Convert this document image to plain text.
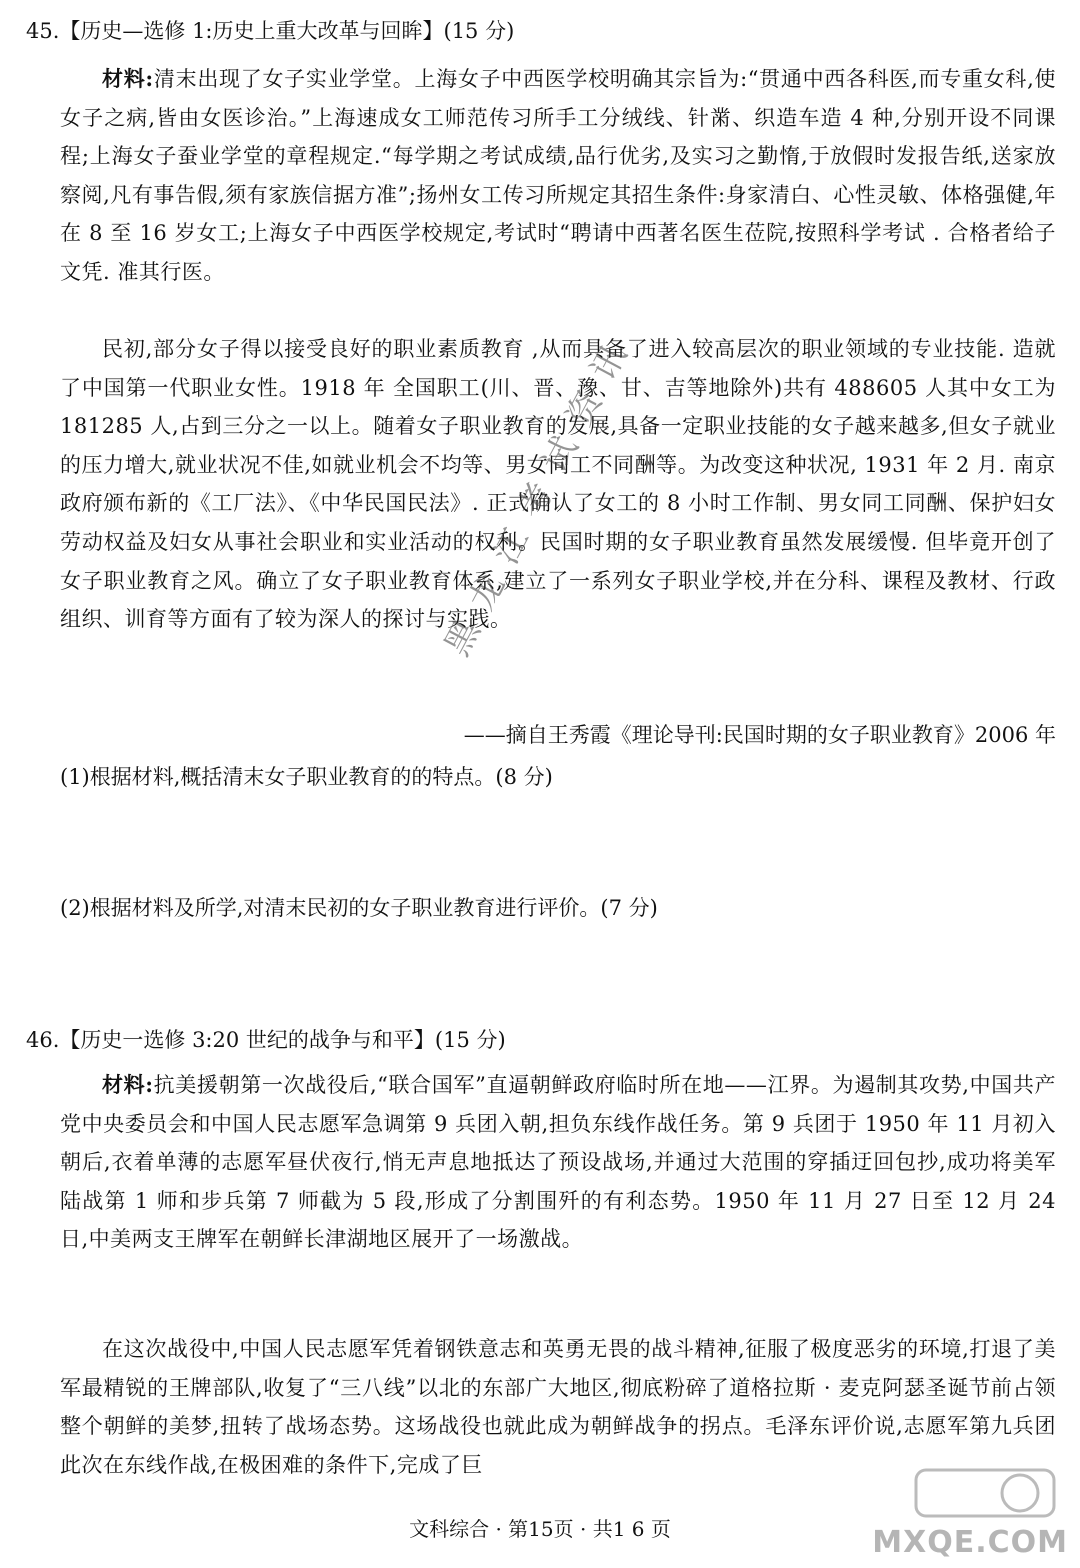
45.【历史—选修 1:历史上重大改革与回眸】(15 分)
材料:清末出现了女子实业学堂。上海女子中西医学校明确其宗旨为:“贯通中西各科医,而专重女科,使女子之病,皆由女医诊治。”上海速成女工师范传习所手工分绒线、针黹、织造车造 4 种,分别开设不同课程;上海女子蚕业学堂的章程规定.“每学期之考试成绩,品行优劣,及实习之勤惰,于放假时发报告纸,送家放察阅,凡有事告假,须有家族信据方准”;扬州女工传习所规定其招生条件:身家清白、心性灵敏、体格强健,年在 8 至 16 岁女工;上海女子中西医学校规定,考试时“聘请中西著名医生莅院,按照科学考试 . 合格者给子文凭. 准其行医。
民初,部分女子得以接受良好的职业素质教育 ,从而具备了进入较高层次的职业领域的专业技能. 造就了中国第一代职业女性。1918 年 全国职工(川、晋、豫、甘、吉等地除外)共有 488605 人其中女工为 181285 人,占到三分之一以上。随着女子职业教育的发展,具备一定职业技能的女子越来越多,但女子就业的压力增大,就业状况不佳,如就业机会不均等、男女同工不同酬等。为改变这种状况, 1931 年 2 月. 南京政府颁布新的《工厂法》、《中华民国民法》. 正式确认了女工的 8 小时工作制、男女同工同酬、保护妇女劳动权益及妇女从事社会职业和实业活动的权利。民国时期的女子职业教育虽然发展缓慢. 但毕竟开创了女子职业教育之风。确立了女子职业教育体系,建立了一系列女子职业学校,并在分科、课程及教材、行政组织、训育等方面有了较为深人的探讨与实践。
——摘自王秀霞《理论导刊:民国时期的女子职业教育》2006 年
(1)根据材料,概括清末女子职业教育的的特点。(8 分)
(2)根据材料及所学,对清末民初的女子职业教育进行评价。(7 分)
46.【历史一选修 3:20 世纪的战争与和平】(15 分)
材料:抗美援朝第一次战役后,“联合国军”直逼朝鲜政府临时所在地——江界。为遏制其攻势,中国共产党中央委员会和中国人民志愿军急调第 9 兵团入朝,担负东线作战任务。第 9 兵团于 1950 年 11 月初入朝后,衣着单薄的志愿军昼伏夜行,悄无声息地抵达了预设战场,并通过大范围的穿插迂回包抄,成功将美军陆战第 1 师和步兵第 7 师截为 5 段,形成了分割围歼的有利态势。1950 年 11 月 27 日至 12 月 24 日,中美两支王牌军在朝鲜长津湖地区展开了一场激战。
在这次战役中,中国人民志愿军凭着钢铁意志和英勇无畏的战斗精神,征服了极度恶劣的环境,打退了美军最精锐的王牌部队,收复了“三八线”以北的东部广大地区,彻底粉碎了道格拉斯 · 麦克阿瑟圣诞节前占领整个朝鲜的美梦,扭转了战场态势。这场战役也就此成为朝鲜战争的拐点。毛泽东评价说,志愿军第九兵团此次在东线作战,在极困难的条件下,完成了巨
黑龙江考试资讯
MXQE.COM
文科综合 · 第15页 · 共1 6 页
